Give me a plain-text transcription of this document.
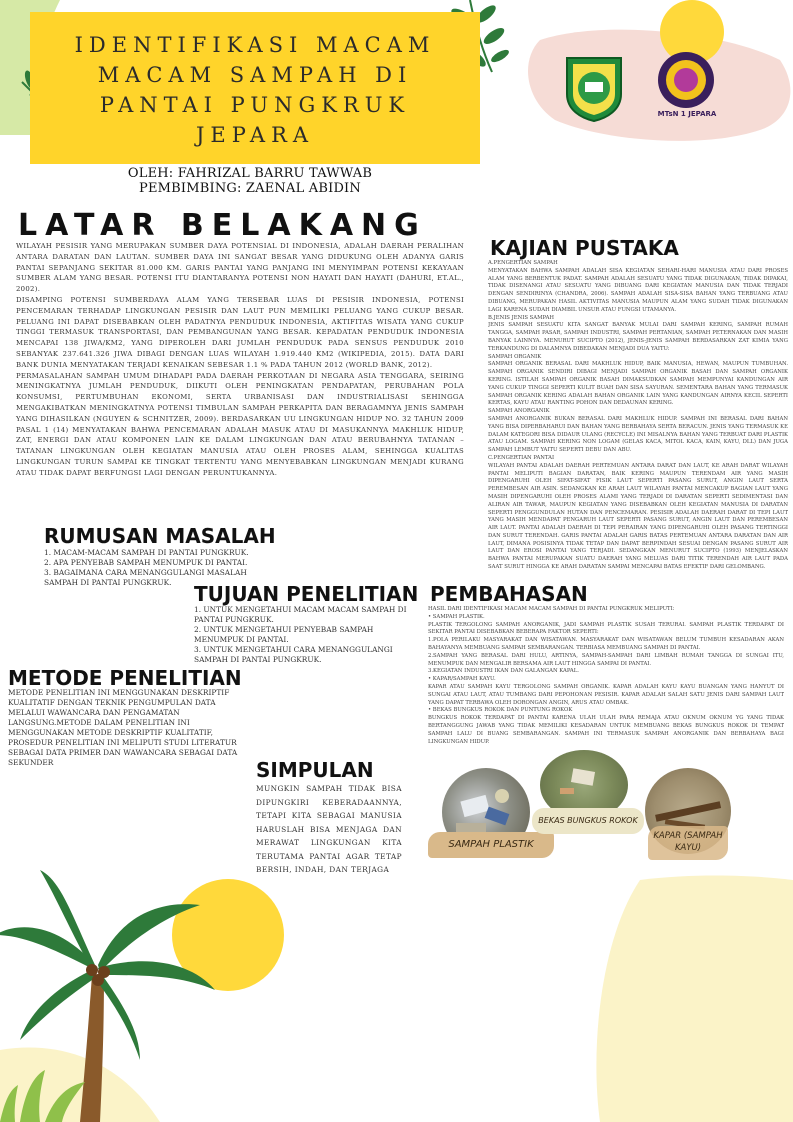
MTsN 1 JEPARA
IDENTIFIKASI MACAM MACAM SAMPAH DI PANTAI PUNGKRUK JEPARA
OLEH: FAHRIZAL BARRU TAWWAB
PEMBIMBING: ZAENAL ABIDIN
LATAR BELAKANG

WILAYAH PESISIR YANG MERUPAKAN SUMBER DAYA POTENSIAL DI INDONESIA, ADALAH DAERAH PERALIHAN ANTARA DARATAN DAN LAUTAN. SUMBER DAYA INI SANGAT BESAR YANG DIDUKUNG OLEH ADANYA GARIS PANTAI SEPANJANG SEKITAR 81.000 KM. GARIS PANTAI YANG PANJANG INI MENYIMPAN POTENSI KEKAYAAN SUMBER ALAM YANG BESAR. POTENSI ITU DIANTARANYA POTENSI NON HAYATI DAN HAYATI (DAHURI, ET.AL., 2002).

DISAMPING POTENSI SUMBERDAYA ALAM YANG TERSEBAR LUAS DI PESISIR INDONESIA, POTENSI PENCEMARAN TERHADAP LINGKUNGAN PESISIR DAN LAUT PUN MEMILIKI PELUANG YANG CUKUP BESAR. PELUANG INI DAPAT DISEBABKAN OLEH PADATNYA PENDUDUK INDONESIA, AKTIFITAS WISATA YANG CUKUP TINGGI TERMASUK TRANSPORTASI, DAN PEMBANGUNAN YANG BESAR. KEPADATAN PENDUDUK INDONESIA MENCAPAI 138 JIWA/KM2, YANG DIPEROLEH DARI JUMLAH PENDUDUK PADA SENSUS PENDUDUK 2010 SEBANYAK 237.641.326 JIWA DIBAGI DENGAN LUAS WILAYAH 1.919.440 KM2 (WIKIPEDIA, 2015). DATA DARI BANK DUNIA MENYATAKAN TERJADI KENAIKAN SEBESAR 1.1 % PADA TAHUN 2012 (WORLD BANK, 2012).

PERMASALAHAN SAMPAH UMUM DIHADAPI PADA DAERAH PERKOTAAN DI NEGARA ASIA TENGGARA, SEIRING MENINGKATNYA JUMLAH PENDUDUK, DIIKUTI OLEH PENINGKATAN PENDAPATAN, PERUBAHAN POLA KONSUMSI, PERTUMBUHAN EKONOMI, SERTA URBANISASI DAN INDUSTRIALISASI SEHINGGA MENGAKIBATKAN MENINGKATNYA POTENSI TIMBULAN SAMPAH PERKAPITA DAN BERAGAMNYA JENIS SAMPAH YANG DIHASILKAN (NGUYEN & SCHNITZER, 2009). BERDASARKAN UU LINGKUNGAN HIDUP NO. 32 TAHUN 2009 PASAL 1 (14) MENYATAKAN BAHWA PENCEMARAN ADALAH MASUK ATAU DI MASUKANNYA MAKHLUK HIDUP, ZAT, ENERGI DAN ATAU KOMPONEN LAIN KE DALAM LINGKUNGAN DAN ATAU BERUBAHNYA TATANAN – TATANAN LINGKUNGAN OLEH KEGIATAN MANUSIA ATAU OLEH PROSES ALAM, SEHINGGA KUALITAS LINGKUNGAN TURUN SAMPAI KE TINGKAT TERTENTU YANG MENYEBABKAN LINGKUNGAN MENJADI KURANG ATAU TIDAK DAPAT BERFUNGSI LAGI DENGAN PERUNTUKANNYA.

KAJIAN PUSTAKA
A.PENGERTIAN SAMPAH
MENYATAKAN BAHWA SAMPAH ADALAH SISA KEGIATAN SEHARI-HARI MANUSIA ATAU DARI PROSES ALAM YANG BERBENTUK PADAT. SAMPAH ADALAH SESUATU YANG TIDAK DIGUNAKAN, TIDAK DIPAKAI, TIDAK DISENANGI ATAU SESUATU YANG DIBUANG DARI KEGIATAN MANUSIA DAN TIDAK TERJADI DENGAN SENDIRINYA (CHANDRA, 2006). SAMPAH ADALAH SISA-SISA BAHAN YANG TERBUANG ATAU DIBUANG, MERUPAKAN HASIL AKTIVITAS MANUSIA MAUPUN ALAM YANG SUDAH TIDAK DIGUNAKAN LAGI KARENA SUDAH DIAMBIL UNSUR ATAU FUNGSI UTAMANYA.
B.JENIS JENIS SAMPAH
JENIS SAMPAH SESUATU KITA SANGAT BANYAK MULAI DARI SAMPAH KERING, SAMPAH RUMAH TANGGA, SAMPAH PASAR, SAMPAH INDUSTRI, SAMPAH PERTANIAN, SAMPAH PETERNAKAN DAN MASIH BANYAK LAINNYA. MENURUT SUCIPTO (2012), JENIS-JENIS SAMPAH BERDASARKAN ZAT KIMIA YANG TERKANDUNG DI DALAMNYA DIBEDAKAN MENJADI DUA YAITU:
SAMPAH ORGANIK
SAMPAH ORGANIK BERASAL DARI MAKHLUK HIDUP, BAIK MANUSIA, HEWAN, MAUPUN TUMBUHAN. SAMPAH ORGANIK SENDIRI DIBAGI MENJADI SAMPAH ORGANIK BASAH DAN SAMPAH ORGANIK KERING. ISTILAH SAMPAH ORGANIK BASAH DIMAKSUDKAN SAMPAH MEMPUNYAI KANDUNGAN AIR YANG CUKUP TINGGI SEPERTI KULIT BUAH DAN SISA SAYURAN. SEMENTARA BAHAN YANG TERMASUK SAMPAH ORGANIK KERING ADALAH BAHAN ORGANIK LAIN YANG KANDUNGAN AIRNYA KECIL SEPERTI KERTAS, KAYU ATAU RANTING POHON DAN DEDAUNAN KERING.
SAMPAH ANORGANIK
SAMPAH ANORGANIK BUKAN BERASAL DARI MAKHLUK HIDUP. SAMPAH INI BERASAL DARI BAHAN YANG BISA DIPERBAHARUI DAN BAHAN YANG BERBAHAYA SERTA BERACUN. JENIS YANG TERMASUK KE DALAM KATEGORI BISA DIDAUR ULANG (RECYCLE) INI MISALNYA BAHAN YANG TERBUAT DARI PLASTIK ATAU LOGAM. SAMPAH KERING NON LOGAM (GELAS KACA, MITOL KACA, KAIN, KAYU, DLL) DAN JUGA SAMPAH LEMBUT YAITU SEPERTI DEBU DAN ABU.
C.PENGERTIAN PANTAI
WILAYAH PANTAI ADALAH DAERAH PERTEMUAN ANTARA DARAT DAN LAUT, KE ARAH DARAT WILAYAH PANTAI MELIPUTI BAGIAN DARATAN, BAIK KERING MAUPUN TERENDAM AIR YANG MASIH DIPENGARUHI OLEH SIFAT-SIFAT FISIK LAUT SEPERTI PASANG SURUT, ANGIN LAUT SERTA PEREMBESAN AIR ASIN. SEDANGKAN KE ARAH LAUT WILAYAH PANTAI MENCAKUP BAGIAN LAUT YANG MASIH DIPENGARUHI OLEH PROSES ALAMI YANG TERJADI DI DARATAN SEPERTI SEDIMENTASI DAN ALIRAN AIR TAWAR, MAUPUN KEGIATAN YANG DISEBABKAN OLEH KEGIATAN MANUSIA DI DARATAN SEPERTI PENGGUNDULAN HUTAN DAN PENCEMARAN. PESISIR ADALAH DAERAH DARAT DI TEPI LAUT YANG MASIH MENDAPAT PENGARUH LAUT SEPERTI PASANG SURUT, ANGIN LAUT DAN PEREMBESAN AIR LAUT. PANTAI ADALAH DAERAH DI TEPI PERAIRAN YANG DIPENGARUHI OLEH PASANG TERTINGGI DAN SURUT TERENDAH. GARIS PANTAI ADALAH GARIS BATAS PERTEMUAN ANTARA DARATAN DAN AIR LAUT, DIMANA POSISINYA TIDAK TETAP DAN DAPAT BERPINDAH SESUAI DENGAN PASANG SURUT AIR LAUT DAN EROSI PANTAI YANG TERJADI. SEDANGKAN MENURUT SUCIPTO (1993) MENJELASKAN BAHWA PANTAI MERUPAKAN SUATU DAERAH YANG MELUAS DARI TITIK TERENDAH AIR LAUT PADA SAAT SURUT HINGGA KE ARAH DARATAN SAMPAI MENCAPAI BATAS EFEKTIF DARI GELOMBANG.
RUMUSAN MASALAH
1. MACAM-MACAM SAMPAH DI PANTAI PUNGKRUK.
2. APA PENYEBAB SAMPAH MENUMPUK DI PANTAI.
3. BAGAIMANA CARA MENANGGULANGI MASALAH SAMPAH DI PANTAI PUNGKRUK.	TUJUAN PENELITIAN
1. UNTUK MENGETAHUI MACAM MACAM SAMPAH DI PANTAI PUNGKRUK.
2. UNTUK MENGETAHUI PENYEBAB SAMPAH MENUMPUK DI PANTAI.
3. UNTUK MENGETAHUI CARA MENANGGULANGI SAMPAH DI PANTAI PUNGKRUK.
METODE PENELITIAN
METODE PENELITIAN INI MENGGUNAKAN DESKRIPTIF KUALITATIF DENGAN TEKNIK PENGUMPULAN DATA MELALUI WAWANCARA DAN PENGAMATAN LANGSUNG.METODE DALAM PENELITIAN INI MENGGUNAKAN METODE DESKRIPTIF KUALITATIF, PROSEDUR PENELITIAN INI MELIPUTI STUDI LITERATUR SEBAGAI DATA PRIMER DAN WAWANCARA SEBAGAI DATA SEKUNDER
PEMBAHASAN
HASIL DARI IDENTIFIKASI MACAM MACAM SAMPAH DI PANTAI PUNGKRUK MELIPUTI:
• SAMPAH PLASTIK.
PLASTIK TERGOLONG SAMPAH ANORGANIK, JADI SAMPAH PLASTIK SUSAH TERURAI. SAMPAH PLASTIK TERDAPAT DI SEKITAR PANTAI DISEBABKAN BEBERAPA FAKTOR SEPERTI:
1.POLA PERILAKU MASYARAKAT DAN WISATAWAN. MASYARAKAT DAN WISATAWAN BELUM TUMBUH KESADARAN AKAN BAHAYANYA MEMBUANG SAMPAH SEMBARANGAN. TERBIASA MEMBUANG SAMPAH DI PANTAI.
2.SAMPAH YANG BERASAL DARI HULU, ARTINYA, SAMPAH-SAMPAH DARI LIMBAH RUMAH TANGGA DI SUNGAI ITU, MENUMPUK DAN MENGALIR BERSAMA AIR LAUT HINGGA SAMPAI DI PANTAI.
3.KEGIATAN INDUSTRI IKAN DAN GALANGAN KAPAL.
• KAPAR/SAMPAH KAYU.
KAPAR ATAU SAMPAH KAYU TERGOLONG SAMPAH ORGANIK. KAPAR ADALAH KAYU KAYU BUANGAN YANG HANYUT DI SUNGAI ATAU LAUT, ATAU TUMBANG DARI PEPOHONAN PESISIR. KAPAR ADALAH SALAH SATU JENIS DARI SAMPAH LAUT YANG DAPAT TERBAWA OLEH DORONGAN ANGIN, ARUS ATAU OMBAK.
• BEKAS BUNGKUS ROKOK DAN PUNTUNG ROKOK
BUNGKUS ROKOK TERDAPAT DI PANTAI KARENA ULAH ULAH PARA REMAJA ATAU OKNUM OKNUM YG YANG TIDAK BERTANGGUNG JAWAB YANG TIDAK MEMILIKI KESADARAN UNTUK MEMBUANG BEKAS BUNGKUS ROKOK DI TEMPAT SAMPAH LALU DI BUANG SEMBARANGAN. SAMPAH INI TERMASUK SAMPAH ANORGANIK DAN BERBAHAYA BAGI LINGKUNGAN HIDUP.
SIMPULAN
MUNGKIN SAMPAH TIDAK BISA DIPUNGKIRI KEBERADAANNYA, TETAPI KITA SEBAGAI MANUSIA HARUSLAH BISA MENJAGA DAN MERAWAT LINGKUNGAN KITA TERUTAMA PANTAI AGAR TETAP BERSIH, INDAH, DAN TERJAGA
SAMPAH PLASTIK
BEKAS BUNGKUS ROKOK
KAPAR (SAMPAH KAYU)
